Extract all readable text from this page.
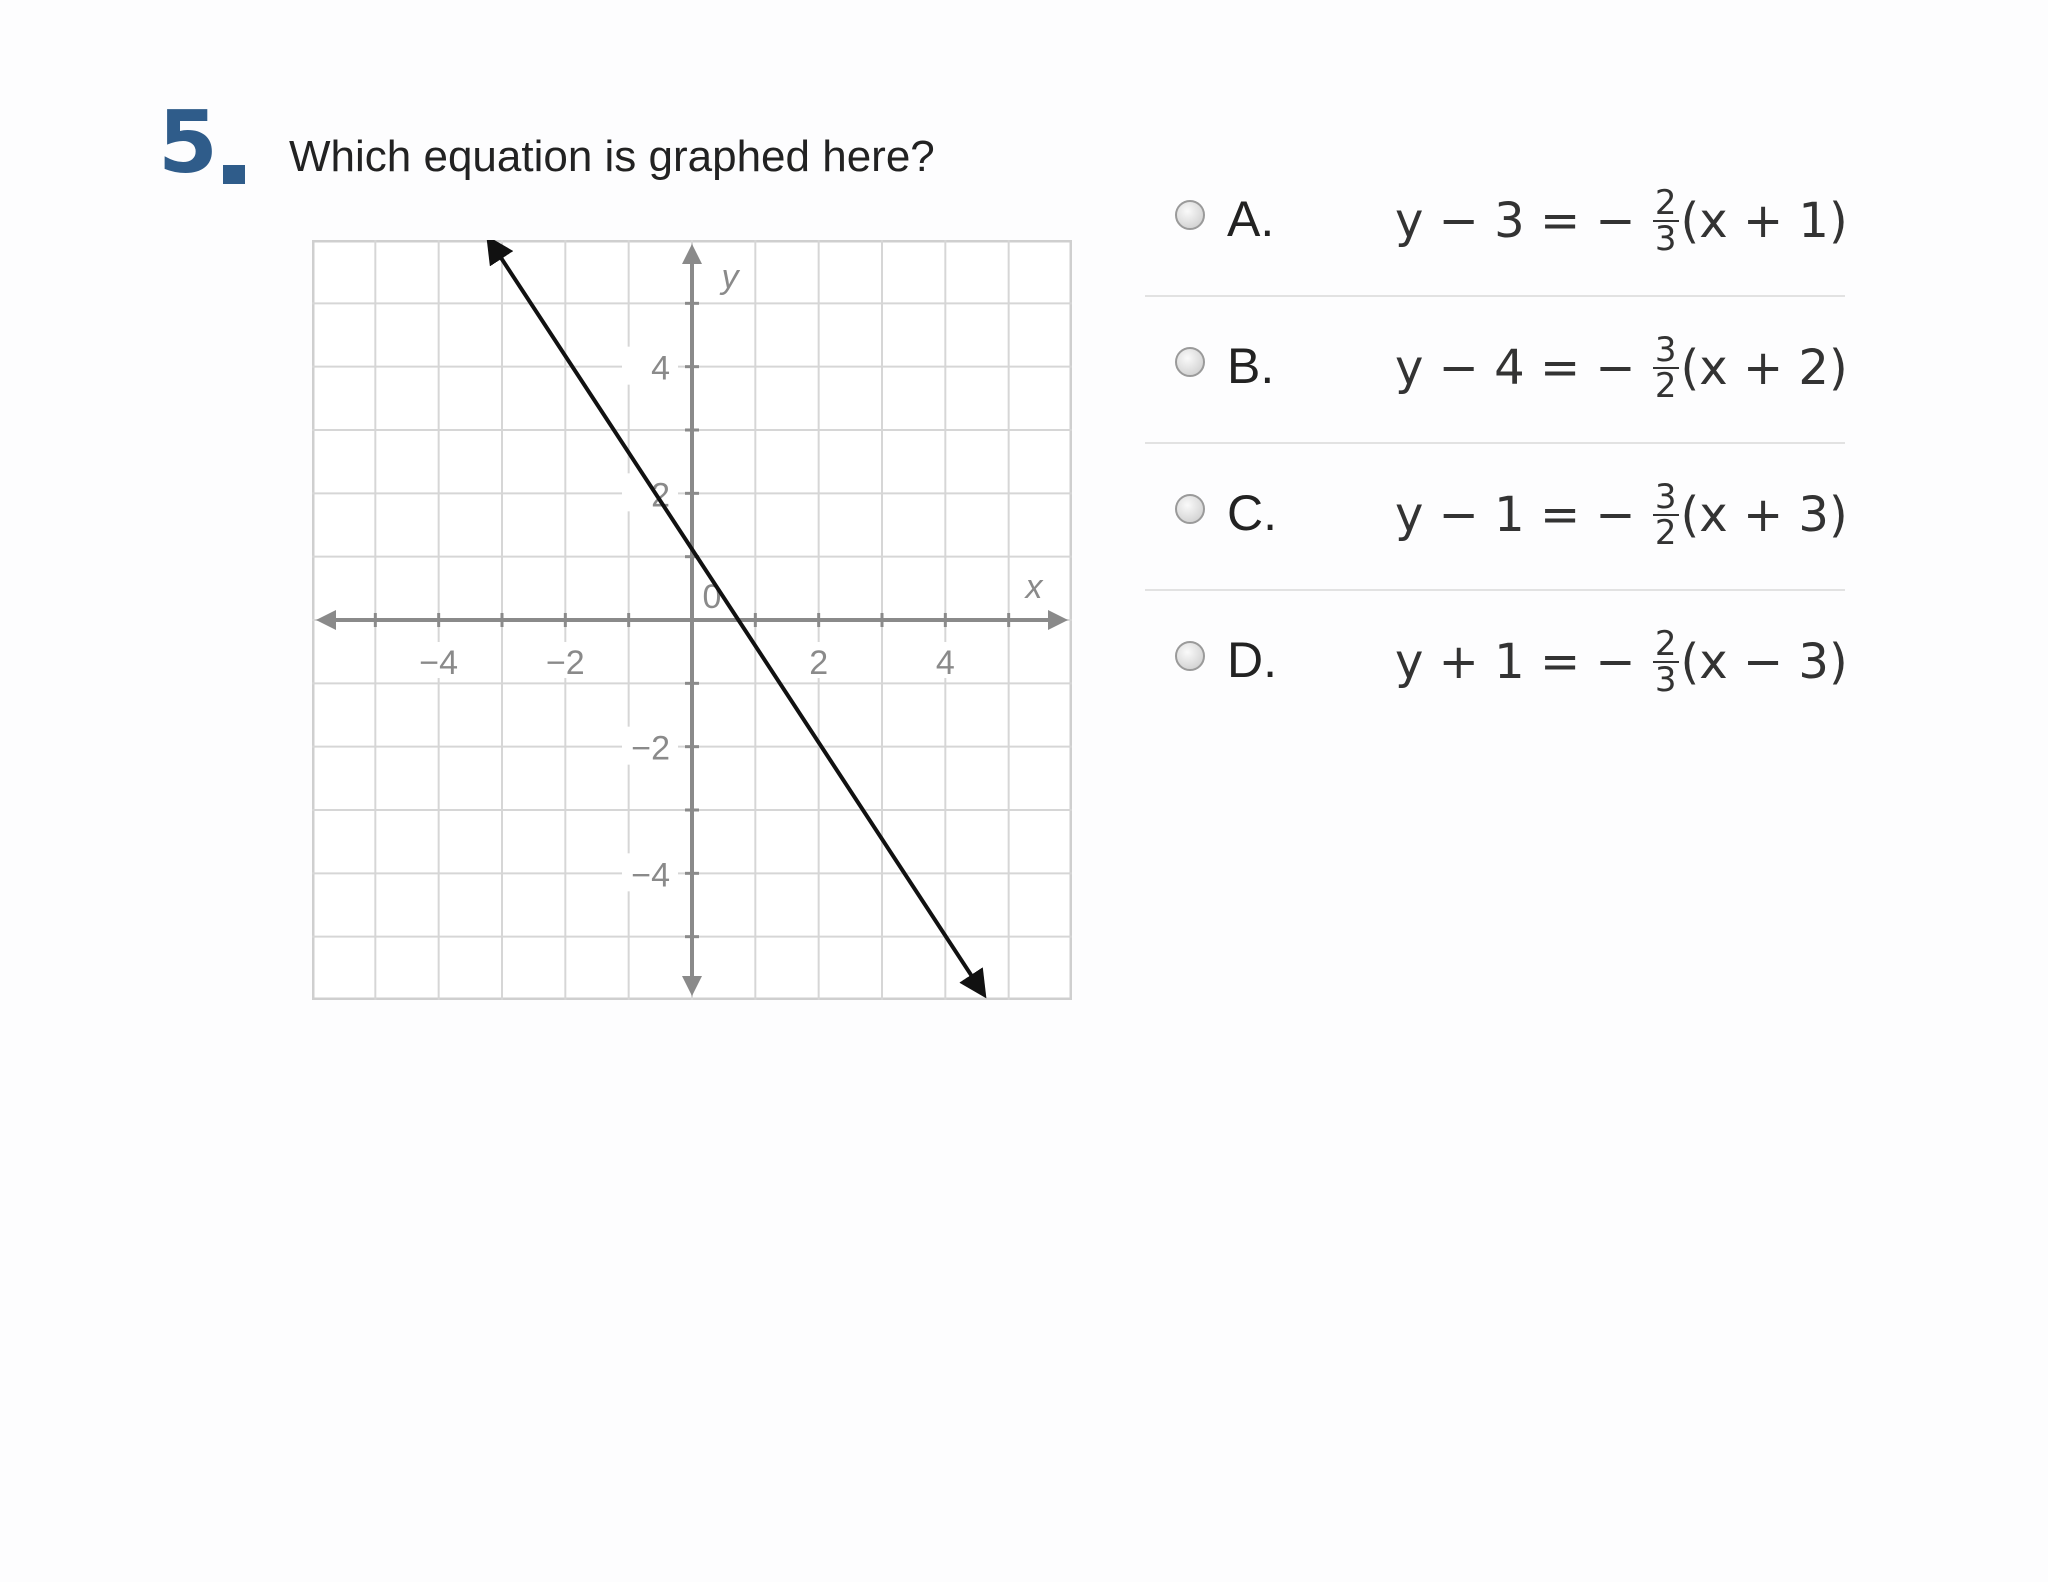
5 Which equation is graphed here?
−4	−2	2	4
4
2
−2
−4
0	x
y
A.	y − 3 =
−
$\frac{2}{3} (x + 1)$
B.	y − 4 =
−
$\frac{3}{2} (x + 2)$
C. y − 1 =
−
$\frac{3}{2} (x + 3)$
D. y + 1 =
−
$\frac{2}{3} (x - 3)$
